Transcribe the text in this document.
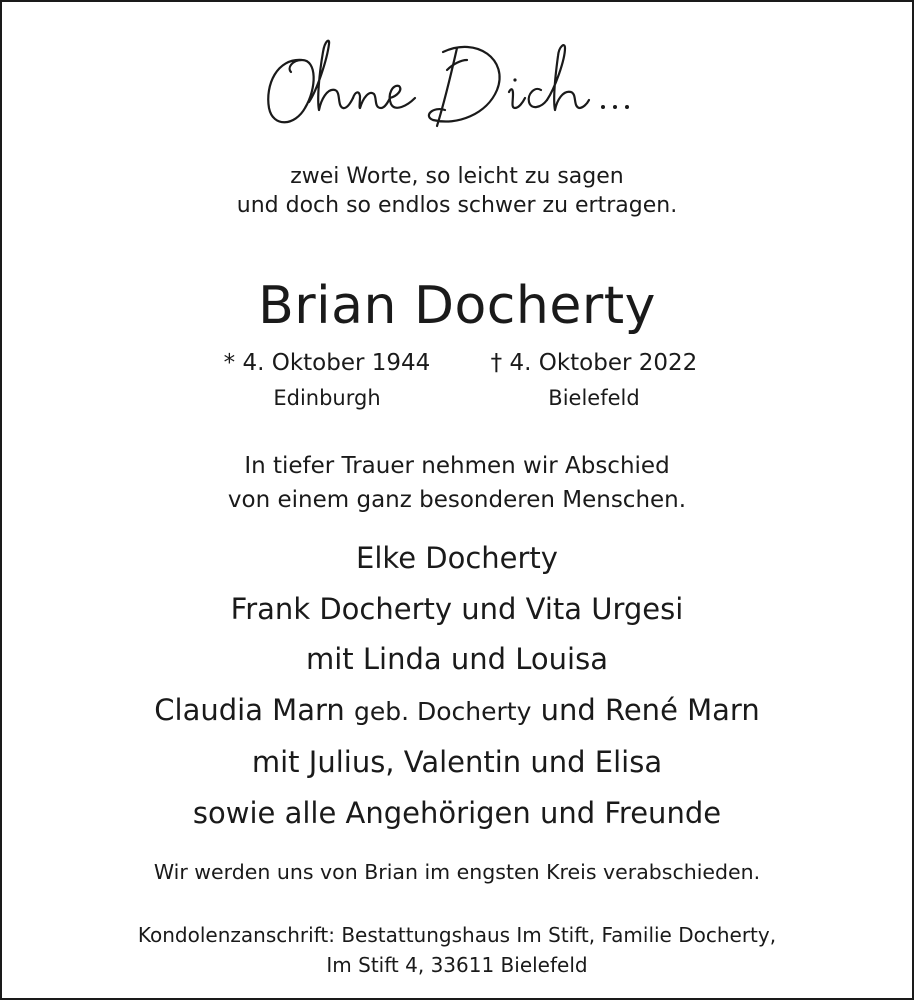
zwei Worte, so leicht zu sagen
und doch so endlos schwer zu ertragen.
Brian Docherty
* 4. Oktober 1944
Edinburgh
† 4. Oktober 2022
Bielefeld
In tiefer Trauer nehmen wir Abschied
von einem ganz besonderen Menschen.
Elke Docherty
Frank Docherty und Vita Urgesi
mit Linda und Louisa
Claudia Marn geb. Docherty und René Marn
mit Julius, Valentin und Elisa
sowie alle Angehörigen und Freunde
Wir werden uns von Brian im engsten Kreis verabschieden.
Kondolenzanschrift: Bestattungshaus Im Stift, Familie Docherty,
Im Stift 4, 33611 Bielefeld
